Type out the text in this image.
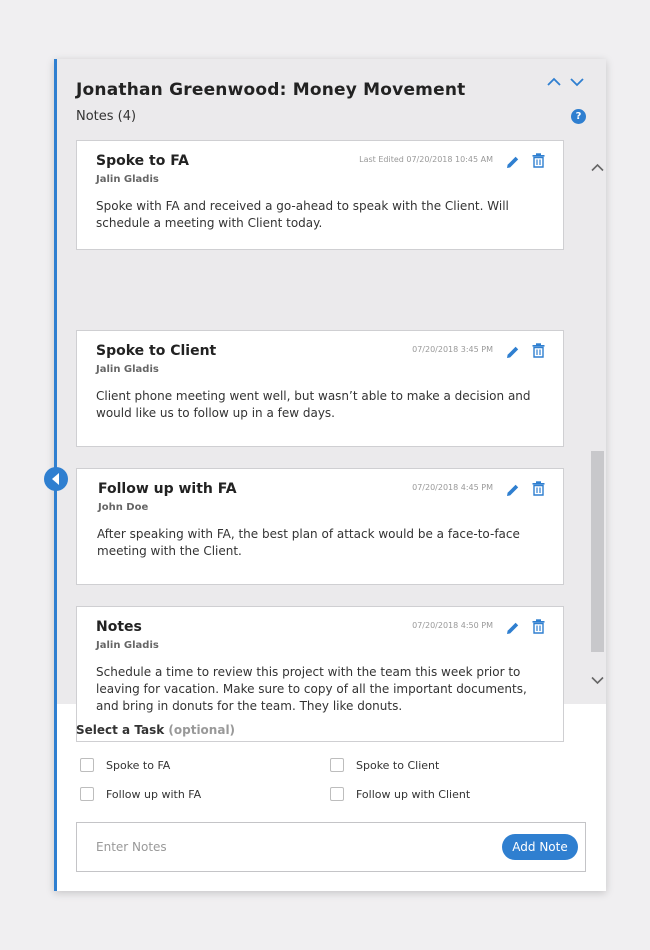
Jonathan Greenwood: Money Movement
Notes (4)	?
Spoke to FA
Jalin Gladis
Last Edited 07/20/2018 10:45 AM
Spoke with FA and received a go-ahead to speak with the Client. Will schedule a meeting with Client today.
Spoke to Client
Jalin Gladis
07/20/2018 3:45 PM
Client phone meeting went well, but wasn’t able to make a decision and would like us to follow up in a few days.
Follow up with FA
John Doe
07/20/2018 4:45 PM
After speaking with FA, the best plan of attack would be a face-to-face meeting with the Client.
Notes
Jalin Gladis
07/20/2018 4:50 PM
Schedule a time to review this project with the team this week prior to leaving for vacation. Make sure to copy of all the important documents, and bring in donuts for the team. They like donuts.
Select a Task (optional)
Spoke to FA	Spoke to Client
Follow up with FA	Follow up with Client
Enter Notes
Add Note
